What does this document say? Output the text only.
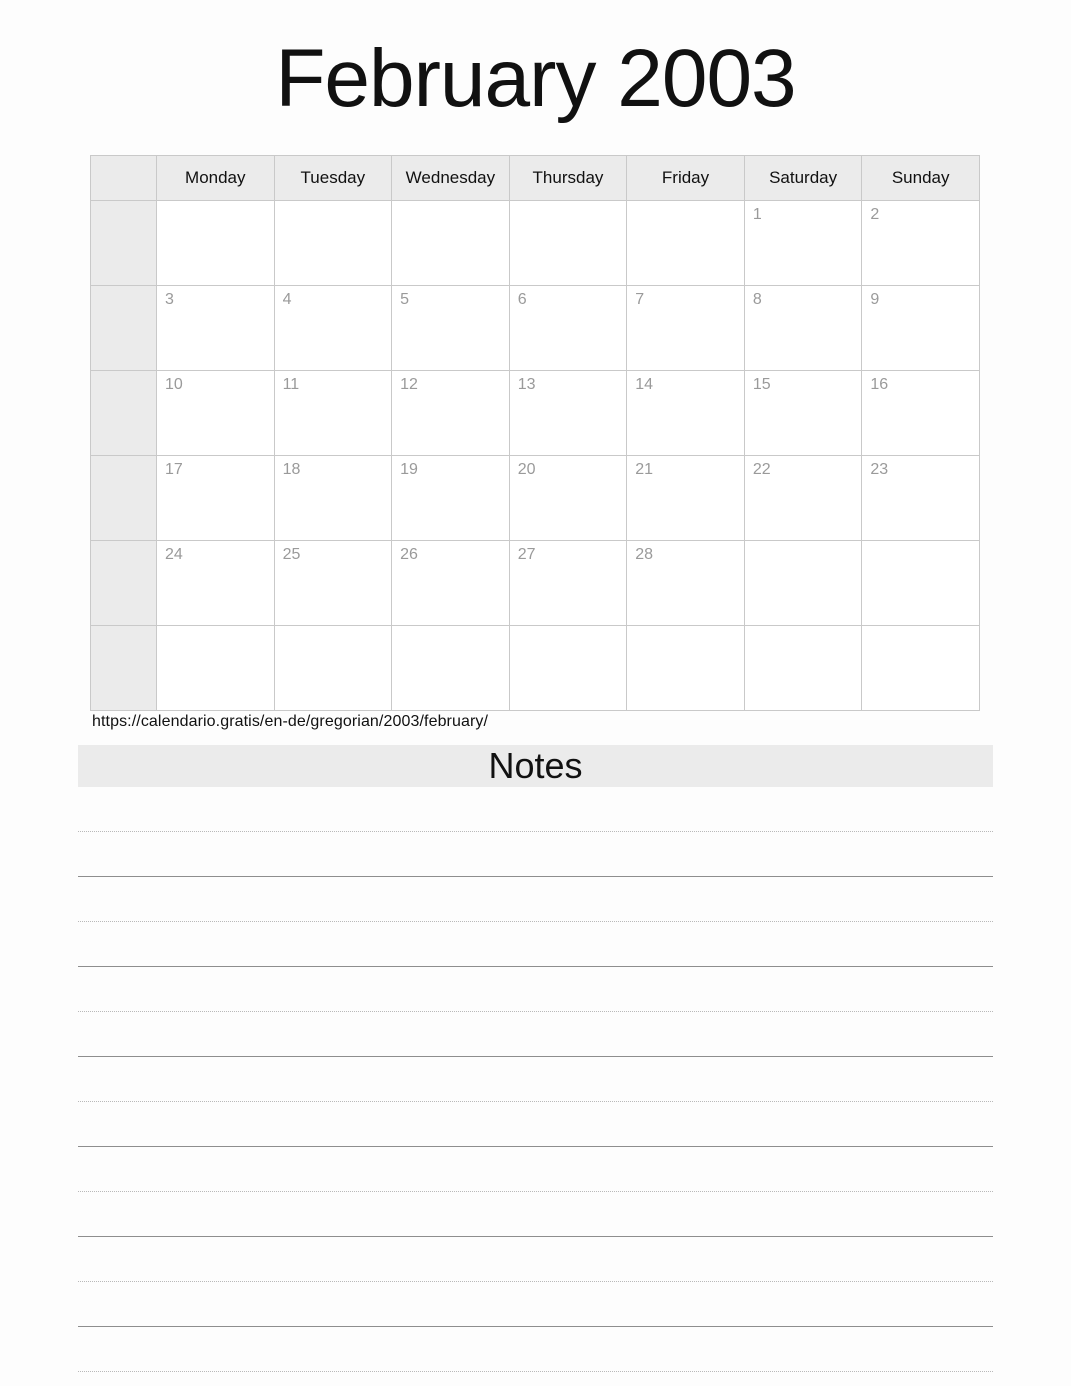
February 2003
	Monday	Tuesday	Wednesday	Thursday	Friday	Saturday	Sunday

						1	2

	3	4	5	6	7	8	9

	10	11	12	13	14	15	16

	17	18	19	20	21	22	23

	24	25	26	27	28		

https://calendario.gratis/en-de/gregorian/2003/february/
Notes
